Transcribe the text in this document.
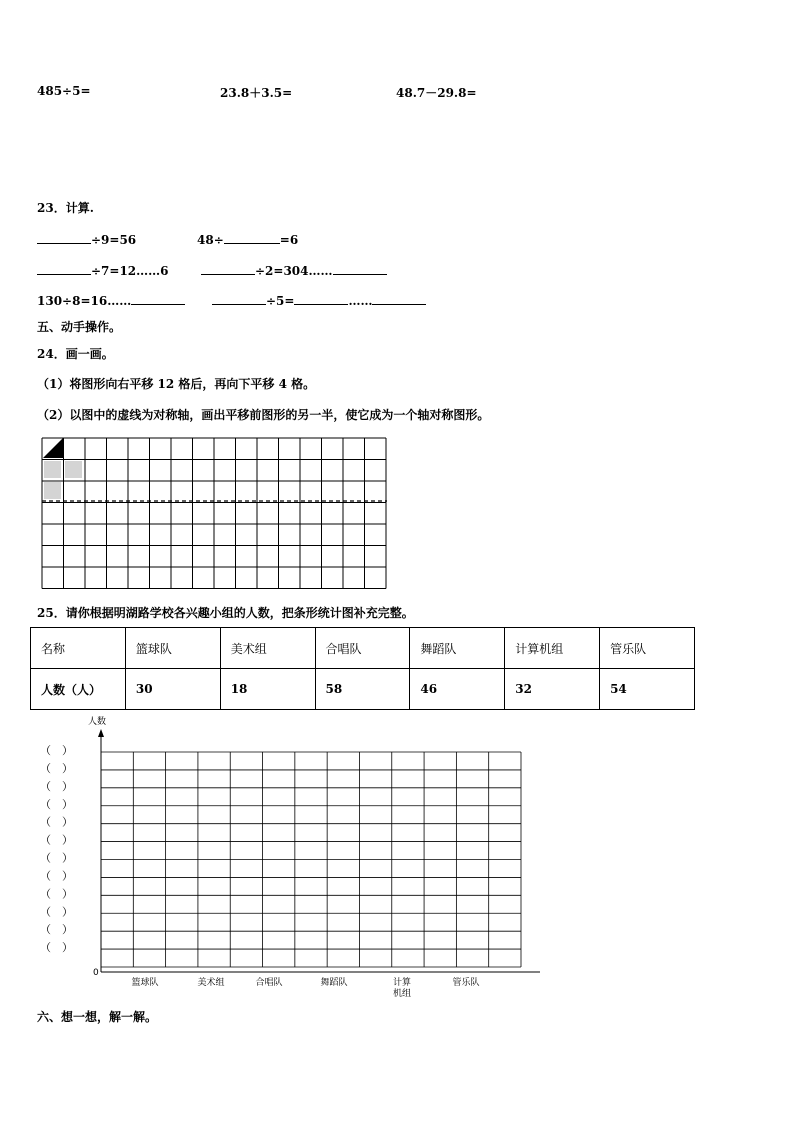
485÷5=	23.8＋3.5=	48.7－29.8=
23．计算.
÷9=56	48÷	=6
÷7=12……6	÷2=304……
130÷8=16……	÷5=	……
五、动手操作。
24．画一画。
（1）将图形向右平移 12 格后，再向下平移 4 格。
（2）以图中的虚线为对称轴，画出平移前图形的另一半，使它成为一个轴对称图形。
25．请你根据明湖路学校各兴趣小组的人数，把条形统计图补充完整。
名称	篮球队	美术组	合唱队	舞蹈队	计算机组	管乐队
人数（人）	30	18	58	46	32	54
人数
0
（　）
（　）
（　）
（　）
（　）
（　）
（　）
（　）
（　）
（　）
（　）
（　）
篮球队	美术组	合唱队	舞蹈队	计算
机组
管乐队
六、想一想，解一解。
